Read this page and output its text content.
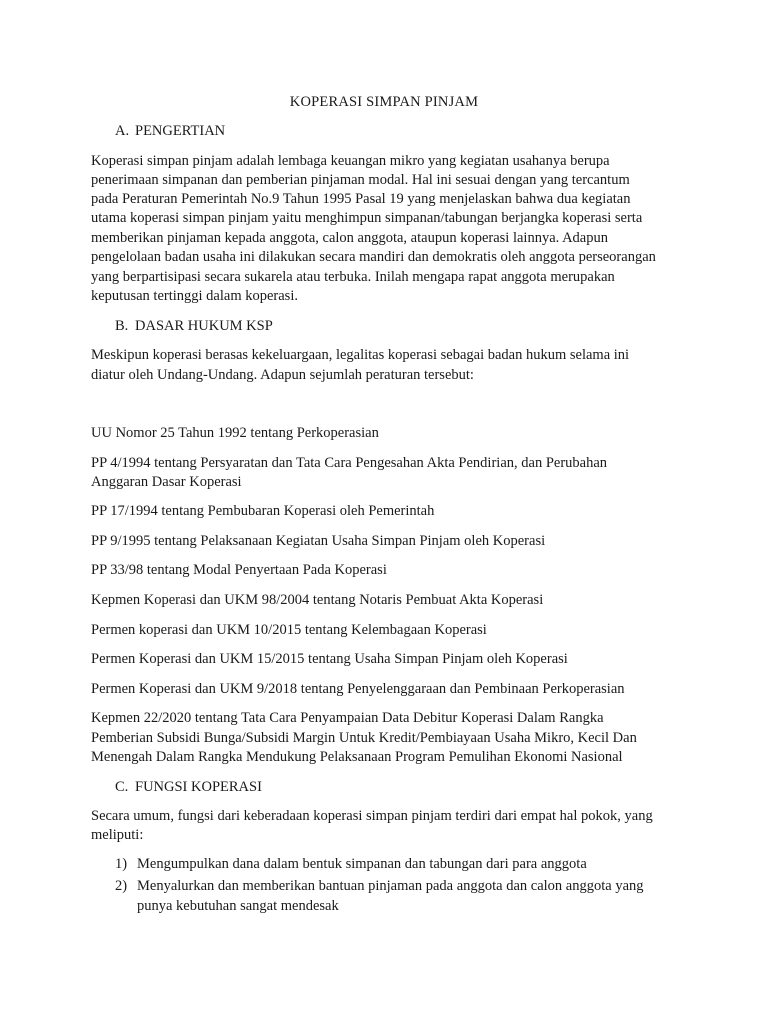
KOPERASI SIMPAN PINJAM
A. PENGERTIAN
Koperasi simpan pinjam adalah lembaga keuangan mikro yang kegiatan usahanya berupa
penerimaan simpanan dan pemberian pinjaman modal. Hal ini sesuai dengan yang tercantum
pada Peraturan Pemerintah No.9 Tahun 1995 Pasal 19 yang menjelaskan bahwa dua kegiatan
utama koperasi simpan pinjam yaitu menghimpun simpanan/tabungan berjangka koperasi serta
memberikan pinjaman kepada anggota, calon anggota, ataupun koperasi lainnya. Adapun
pengelolaan badan usaha ini dilakukan secara mandiri dan demokratis oleh anggota perseorangan
yang berpartisipasi secara sukarela atau terbuka. Inilah mengapa rapat anggota merupakan
keputusan tertinggi dalam koperasi.
B. DASAR HUKUM KSP
Meskipun koperasi berasas kekeluargaan, legalitas koperasi sebagai badan hukum selama ini
diatur oleh Undang-Undang. Adapun sejumlah peraturan tersebut:
UU Nomor 25 Tahun 1992 tentang Perkoperasian
PP 4/1994 tentang Persyaratan dan Tata Cara Pengesahan Akta Pendirian, dan Perubahan
Anggaran Dasar Koperasi
PP 17/1994 tentang Pembubaran Koperasi oleh Pemerintah
PP 9/1995 tentang Pelaksanaan Kegiatan Usaha Simpan Pinjam oleh Koperasi
PP 33/98 tentang Modal Penyertaan Pada Koperasi
Kepmen Koperasi dan UKM 98/2004 tentang Notaris Pembuat Akta Koperasi
Permen koperasi dan UKM 10/2015 tentang Kelembagaan Koperasi
Permen Koperasi dan UKM 15/2015 tentang Usaha Simpan Pinjam oleh Koperasi
Permen Koperasi dan UKM 9/2018 tentang Penyelenggaraan dan Pembinaan Perkoperasian
Kepmen 22/2020 tentang Tata Cara Penyampaian Data Debitur Koperasi Dalam Rangka
Pemberian Subsidi Bunga/Subsidi Margin Untuk Kredit/Pembiayaan Usaha Mikro, Kecil Dan
Menengah Dalam Rangka Mendukung Pelaksanaan Program Pemulihan Ekonomi Nasional
C. FUNGSI KOPERASI
Secara umum, fungsi dari keberadaan koperasi simpan pinjam terdiri dari empat hal pokok, yang
meliputi:
1) Mengumpulkan dana dalam bentuk simpanan dan tabungan dari para anggota
2) Menyalurkan dan memberikan bantuan pinjaman pada anggota dan calon anggota yang
punya kebutuhan sangat mendesak
